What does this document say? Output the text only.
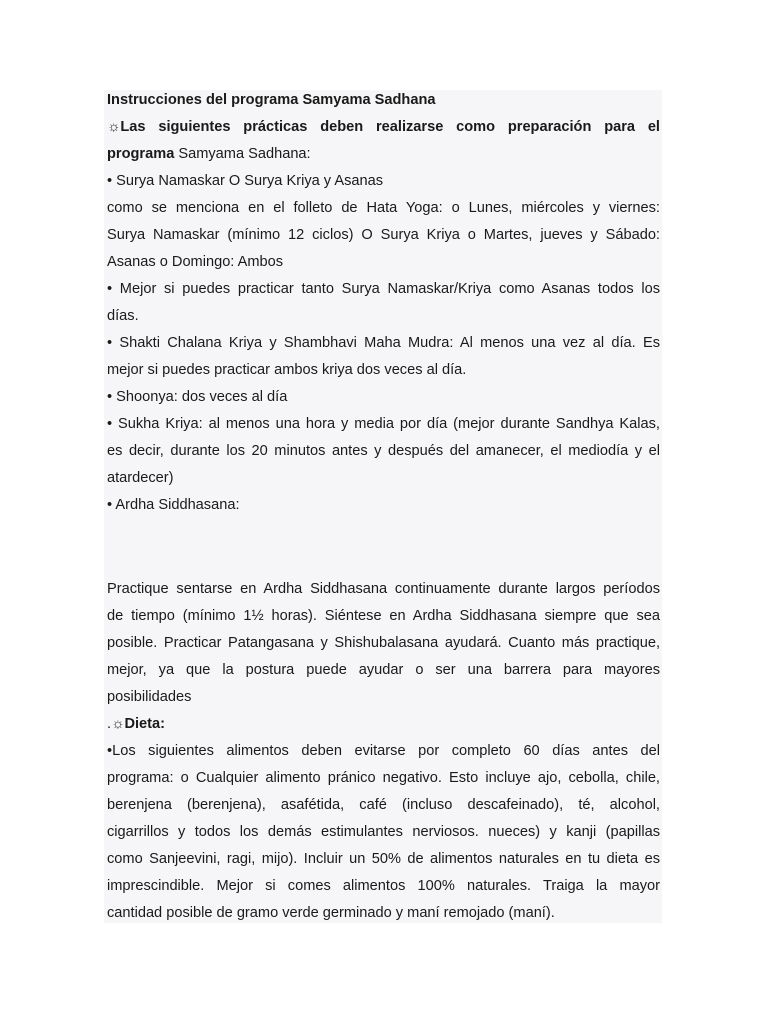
Instrucciones del programa Samyama Sadhana
☼Las siguientes prácticas deben realizarse como preparación para el
programa Samyama Sadhana:
• Surya Namaskar O Surya Kriya y Asanas
como se menciona en el folleto de Hata Yoga: o Lunes, miércoles y viernes:
Surya Namaskar (mínimo 12 ciclos) O Surya Kriya o Martes, jueves y Sábado:
Asanas o Domingo: Ambos
• Mejor si puedes practicar tanto Surya Namaskar/Kriya como Asanas todos los
días.
• Shakti Chalana Kriya y Shambhavi Maha Mudra: Al menos una vez al día. Es
mejor si puedes practicar ambos kriya dos veces al día.
• Shoonya: dos veces al día
• Sukha Kriya: al menos una hora y media por día (mejor durante Sandhya Kalas,
es decir, durante los 20 minutos antes y después del amanecer, el mediodía y el
atardecer)
• Ardha Siddhasana:
Practique sentarse en Ardha Siddhasana continuamente durante largos períodos
de tiempo (mínimo 1½ horas). Siéntese en Ardha Siddhasana siempre que sea
posible. Practicar Patangasana y Shishubalasana ayudará. Cuanto más practique,
mejor, ya que la postura puede ayudar o ser una barrera para mayores
posibilidades
.☼Dieta:
•Los siguientes alimentos deben evitarse por completo 60 días antes del
programa: o Cualquier alimento pránico negativo. Esto incluye ajo, cebolla, chile,
berenjena (berenjena), asafétida, café (incluso descafeinado), té, alcohol,
cigarrillos y todos los demás estimulantes nerviosos. nueces) y kanji (papillas
como Sanjeevini, ragi, mijo). Incluir un 50% de alimentos naturales en tu dieta es
imprescindible. Mejor si comes alimentos 100% naturales. Traiga la mayor
cantidad posible de gramo verde germinado y maní remojado (maní).
